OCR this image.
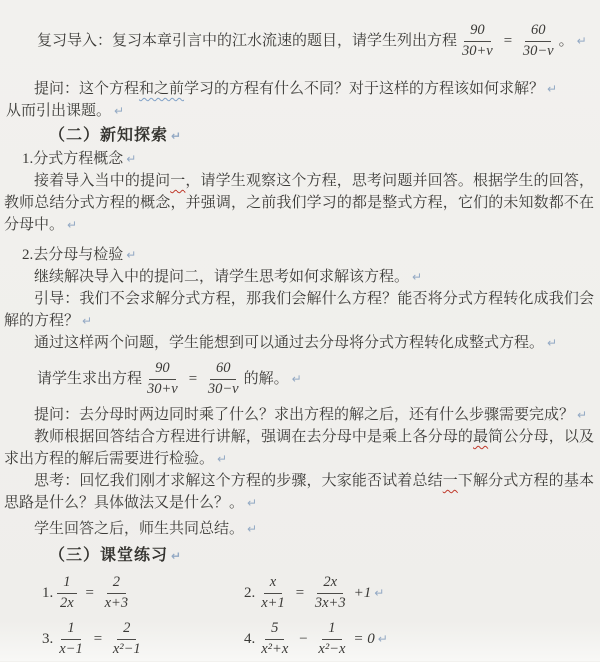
复习导入：复习本章引言中的江水流速的题目，请学生列出方程 $\frac{90}{30+v} = \frac{60}{30-v}$ 。 ↵

提问：这个方程和之前学习的方程有什么不同？对于这样的方程该如何求解？ ↵

从而引出课题。 ↵

（二）新知探索 ↵

1.分式方程概念 ↵

接着导入当中的提问一，请学生观察这个方程，思考问题并回答。根据学生的回答，教师总结分式方程的概念，并强调，之前我们学习的都是整式方程，它们的未知数都不在分母中。 ↵

2.去分母与检验 ↵

继续解决导入中的提问二，请学生思考如何求解该方程。 ↵

引导：我们不会求解分式方程，那我们会解什么方程？能否将分式方程转化成我们会解的方程？ ↵

通过这样两个问题，学生能想到可以通过去分母将分式方程转化成整式方程。 ↵

请学生求出方程 $\frac{90}{30+v} = \frac{60}{30-v}$ 的解。 ↵

提问：去分母时两边同时乘了什么？求出方程的解之后，还有什么步骤需要完成？ ↵

教师根据回答结合方程进行讲解，强调在去分母中是乘上各分母的最简公分母，以及求出方程的解后需要进行检验。 ↵

思考：回忆我们刚才求解这个方程的步骤，大家能否试着总结一下解分式方程的基本思路是什么？具体做法又是什么？。 ↵

学生回答之后，师生共同总结。 ↵

（三）课堂练习 ↵

1. $\frac{1}{2x} = \frac{2}{x+3}$	2. $\frac{x}{x+1} = \frac{2x}{3x+3} +1$ ↵
3. $\frac{1}{x-1} = \frac{2}{\text{x²−1}}$	4. $\frac{5}{\text{x²+x}} - \frac{1}{\text{x²−x}} = 0$ ↵
